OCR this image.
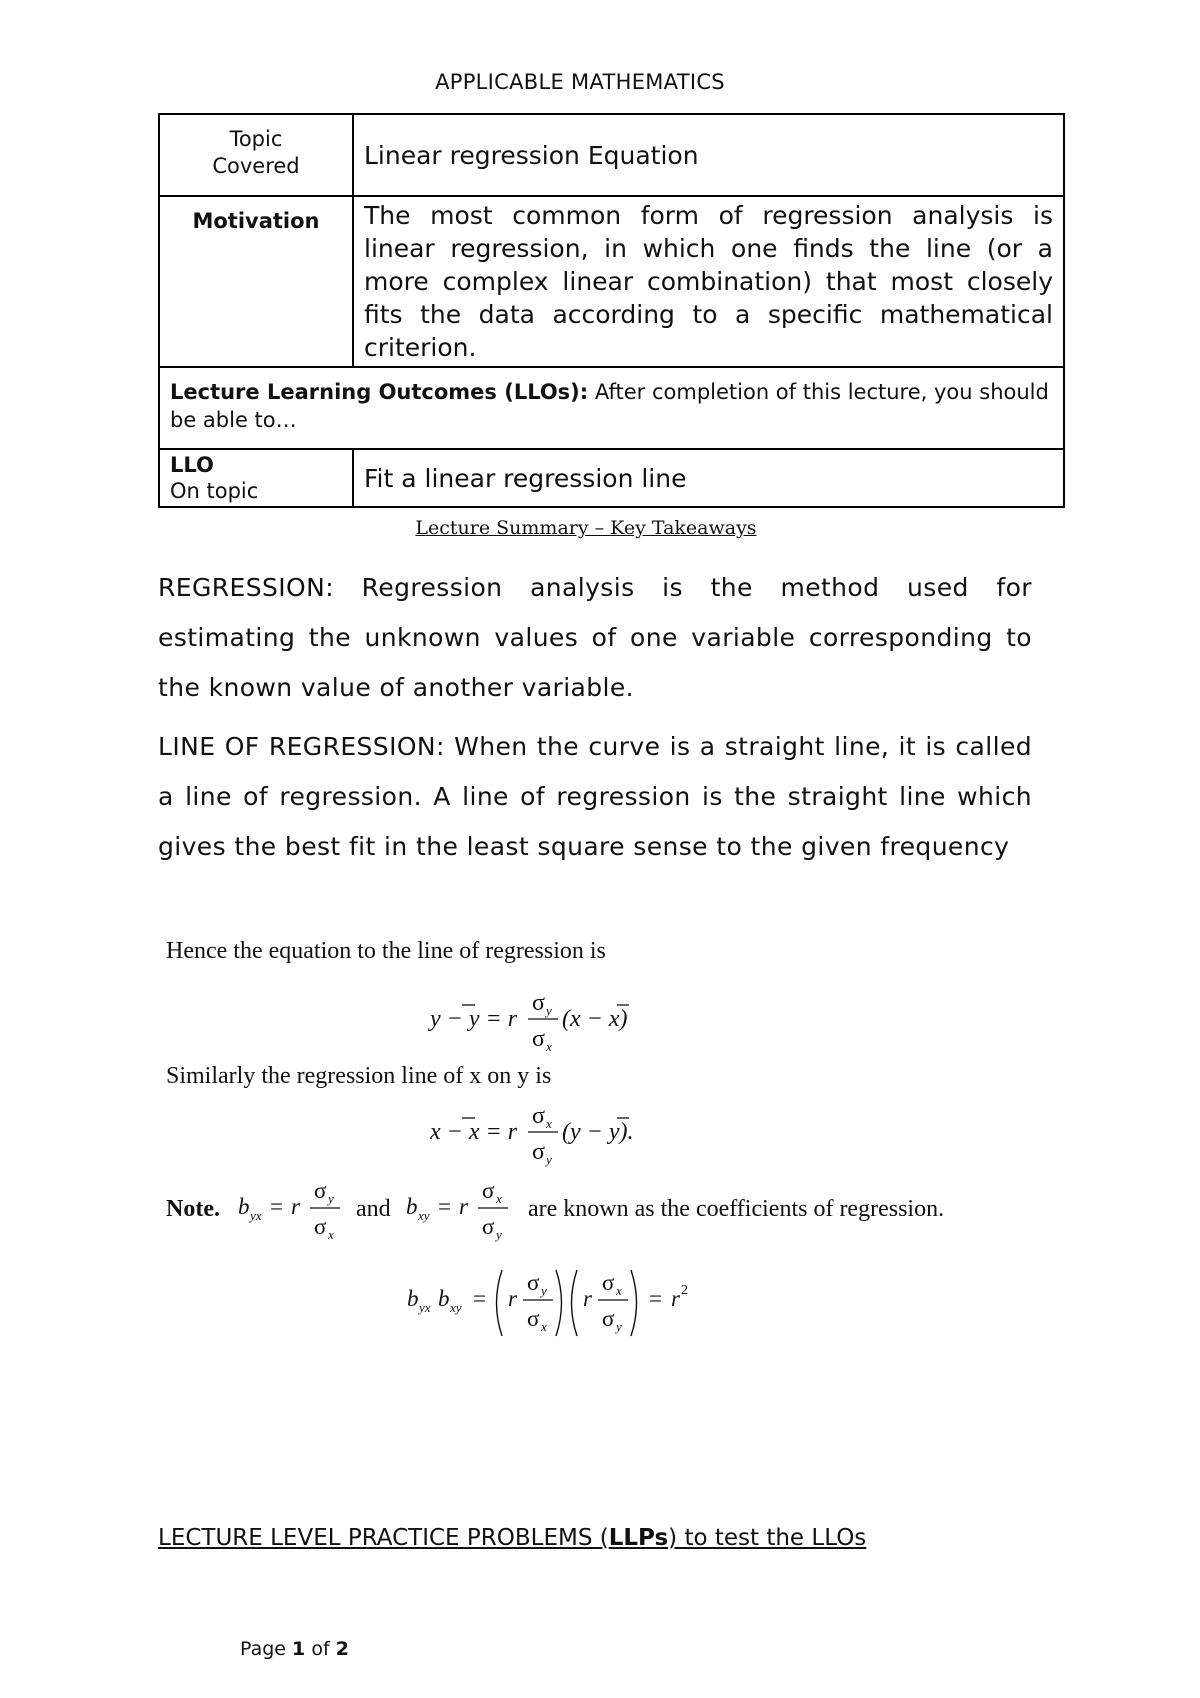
APPLICABLE MATHEMATICS
Topic Covered	Linear regression Equation
Motivation	The most common form of regression analysis is linear regression, in which one finds the line (or a more complex linear combination) that most closely fits the data according to a specific mathematical criterion.
Lecture Learning Outcomes (LLOs): After completion of this lecture, you should be able to…	

LLO
On topic	Fit a linear regression line
Lecture Summary – Key Takeaways
REGRESSION: Regression analysis is the method used for estimating the unknown values of one variable corresponding to the known value of another variable.
LINE OF REGRESSION: When the curve is a straight line, it is called a line of regression. A line of regression is the straight line which gives the best fit in the least square sense to the given frequency
Hence the equation to the line of regression is
y − y = r
σ y
σ x
(x − x)
Similarly the regression line of x on y is
x − x = r
σ x
σ y
(y − y).
Note. b yx = r
σ y
σ x
and b xy = r
σ x
σ y
are known as the coefficients of regression.
b yx b xy = r
σ y
σ x
r
σ x
σ y
= r 2
LECTURE LEVEL PRACTICE PROBLEMS (LLPs) to test the LLOs
Page 1 of 2
